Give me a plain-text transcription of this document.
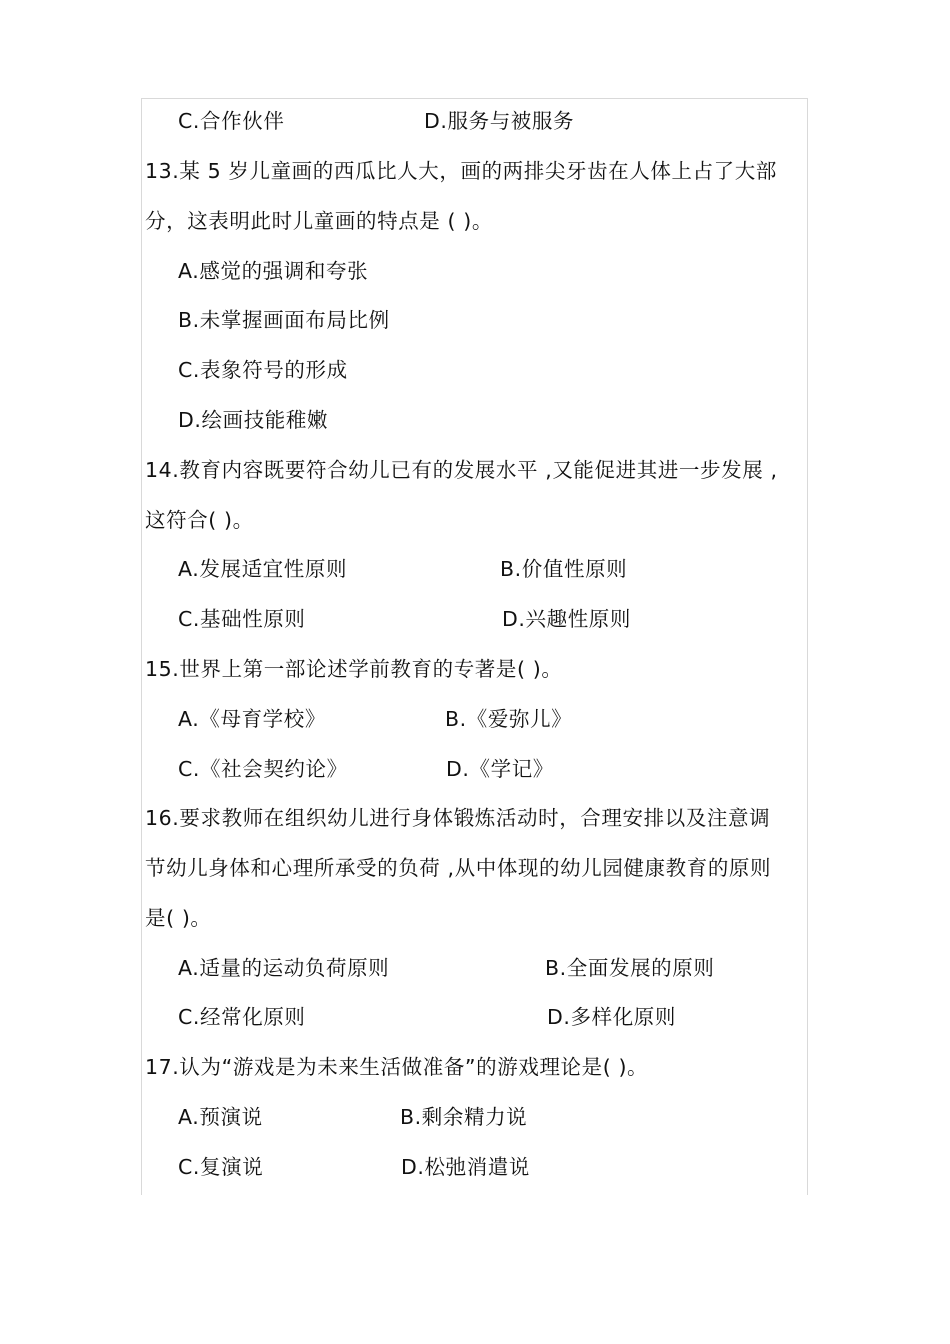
C.合作伙伴	D.服务与被服务
13.某 5 岁儿童画的西瓜比人大，画的两排尖牙齿在人体上占了大部
分，这表明此时儿童画的特点是 ( )。
A.感觉的强调和夸张
B.未掌握画面布局比例
C.表象符号的形成
D.绘画技能稚嫩
14.教育内容既要符合幼儿已有的发展水平 ,又能促进其进一步发展 ,
这符合( )。
A.发展适宜性原则	B.价值性原则
C.基础性原则	D.兴趣性原则
15.世界上第一部论述学前教育的专著是( )。
A.《母育学校》	B.《爱弥儿》
C.《社会契约论》	D.《学记》
16.要求教师在组织幼儿进行身体锻炼活动时，合理安排以及注意调
节幼儿身体和心理所承受的负荷 ,从中体现的幼儿园健康教育的原则
是( )。
A.适量的运动负荷原则	B.全面发展的原则
C.经常化原则	D.多样化原则
17.认为“游戏是为未来生活做准备”的游戏理论是( )。
A.预演说	B.剩余精力说
C.复演说	D.松弛消遣说
